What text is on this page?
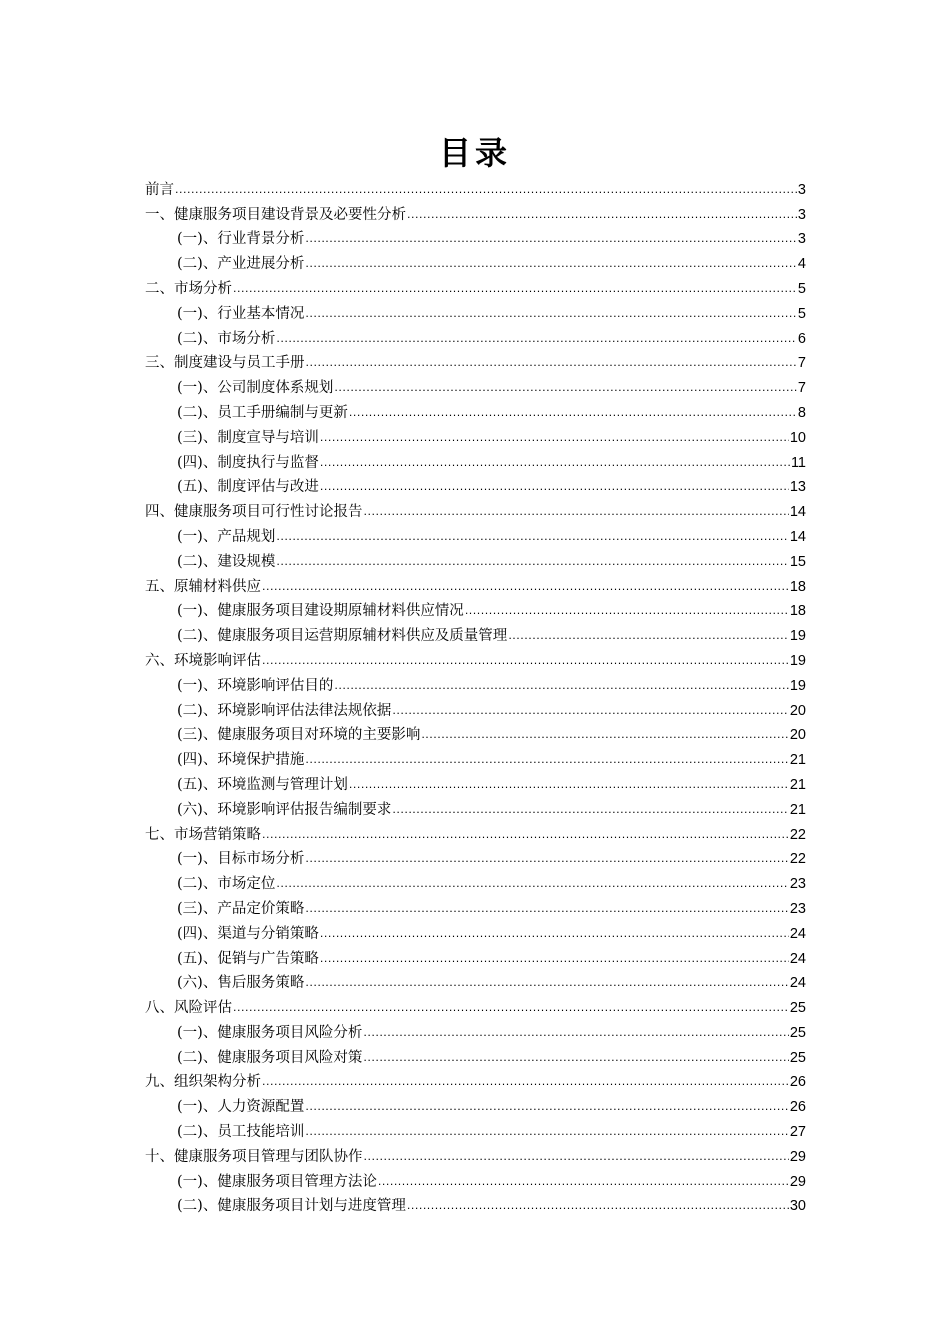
目录
前言 .....	3
一、健康服务项目建设背景及必要性分析 .....	3
(一)、行业背景分析 .....	3
(二)、产业进展分析 .....	4
二、市场分析 .....	5
(一)、行业基本情况 .....	5
(二)、市场分析 .....	6
三、制度建设与员工手册 .....	7
(一)、公司制度体系规划 .....	7
(二)、员工手册编制与更新 .....	8
(三)、制度宣导与培训 .....	10
(四)、制度执行与监督 .....	11
(五)、制度评估与改进 .....	13
四、健康服务项目可行性讨论报告 .....	14
(一)、产品规划 .....	14
(二)、建设规模 .....	15
五、原辅材料供应 .....	18
(一)、健康服务项目建设期原辅材料供应情况 .....	18
(二)、健康服务项目运营期原辅材料供应及质量管理 .....	19
六、环境影响评估 .....	19
(一)、环境影响评估目的 .....	19
(二)、环境影响评估法律法规依据 .....	20
(三)、健康服务项目对环境的主要影响 .....	20
(四)、环境保护措施 .....	21
(五)、环境监测与管理计划 .....	21
(六)、环境影响评估报告编制要求 .....	21
七、市场营销策略 .....	22
(一)、目标市场分析 .....	22
(二)、市场定位 .....	23
(三)、产品定价策略 .....	23
(四)、渠道与分销策略 .....	24
(五)、促销与广告策略 .....	24
(六)、售后服务策略 .....	24
八、风险评估 .....	25
(一)、健康服务项目风险分析 .....	25
(二)、健康服务项目风险对策 .....	25
九、组织架构分析 .....	26
(一)、人力资源配置 .....	26
(二)、员工技能培训 .....	27
十、健康服务项目管理与团队协作 .....	29
(一)、健康服务项目管理方法论 .....	29
(二)、健康服务项目计划与进度管理 .....	30
